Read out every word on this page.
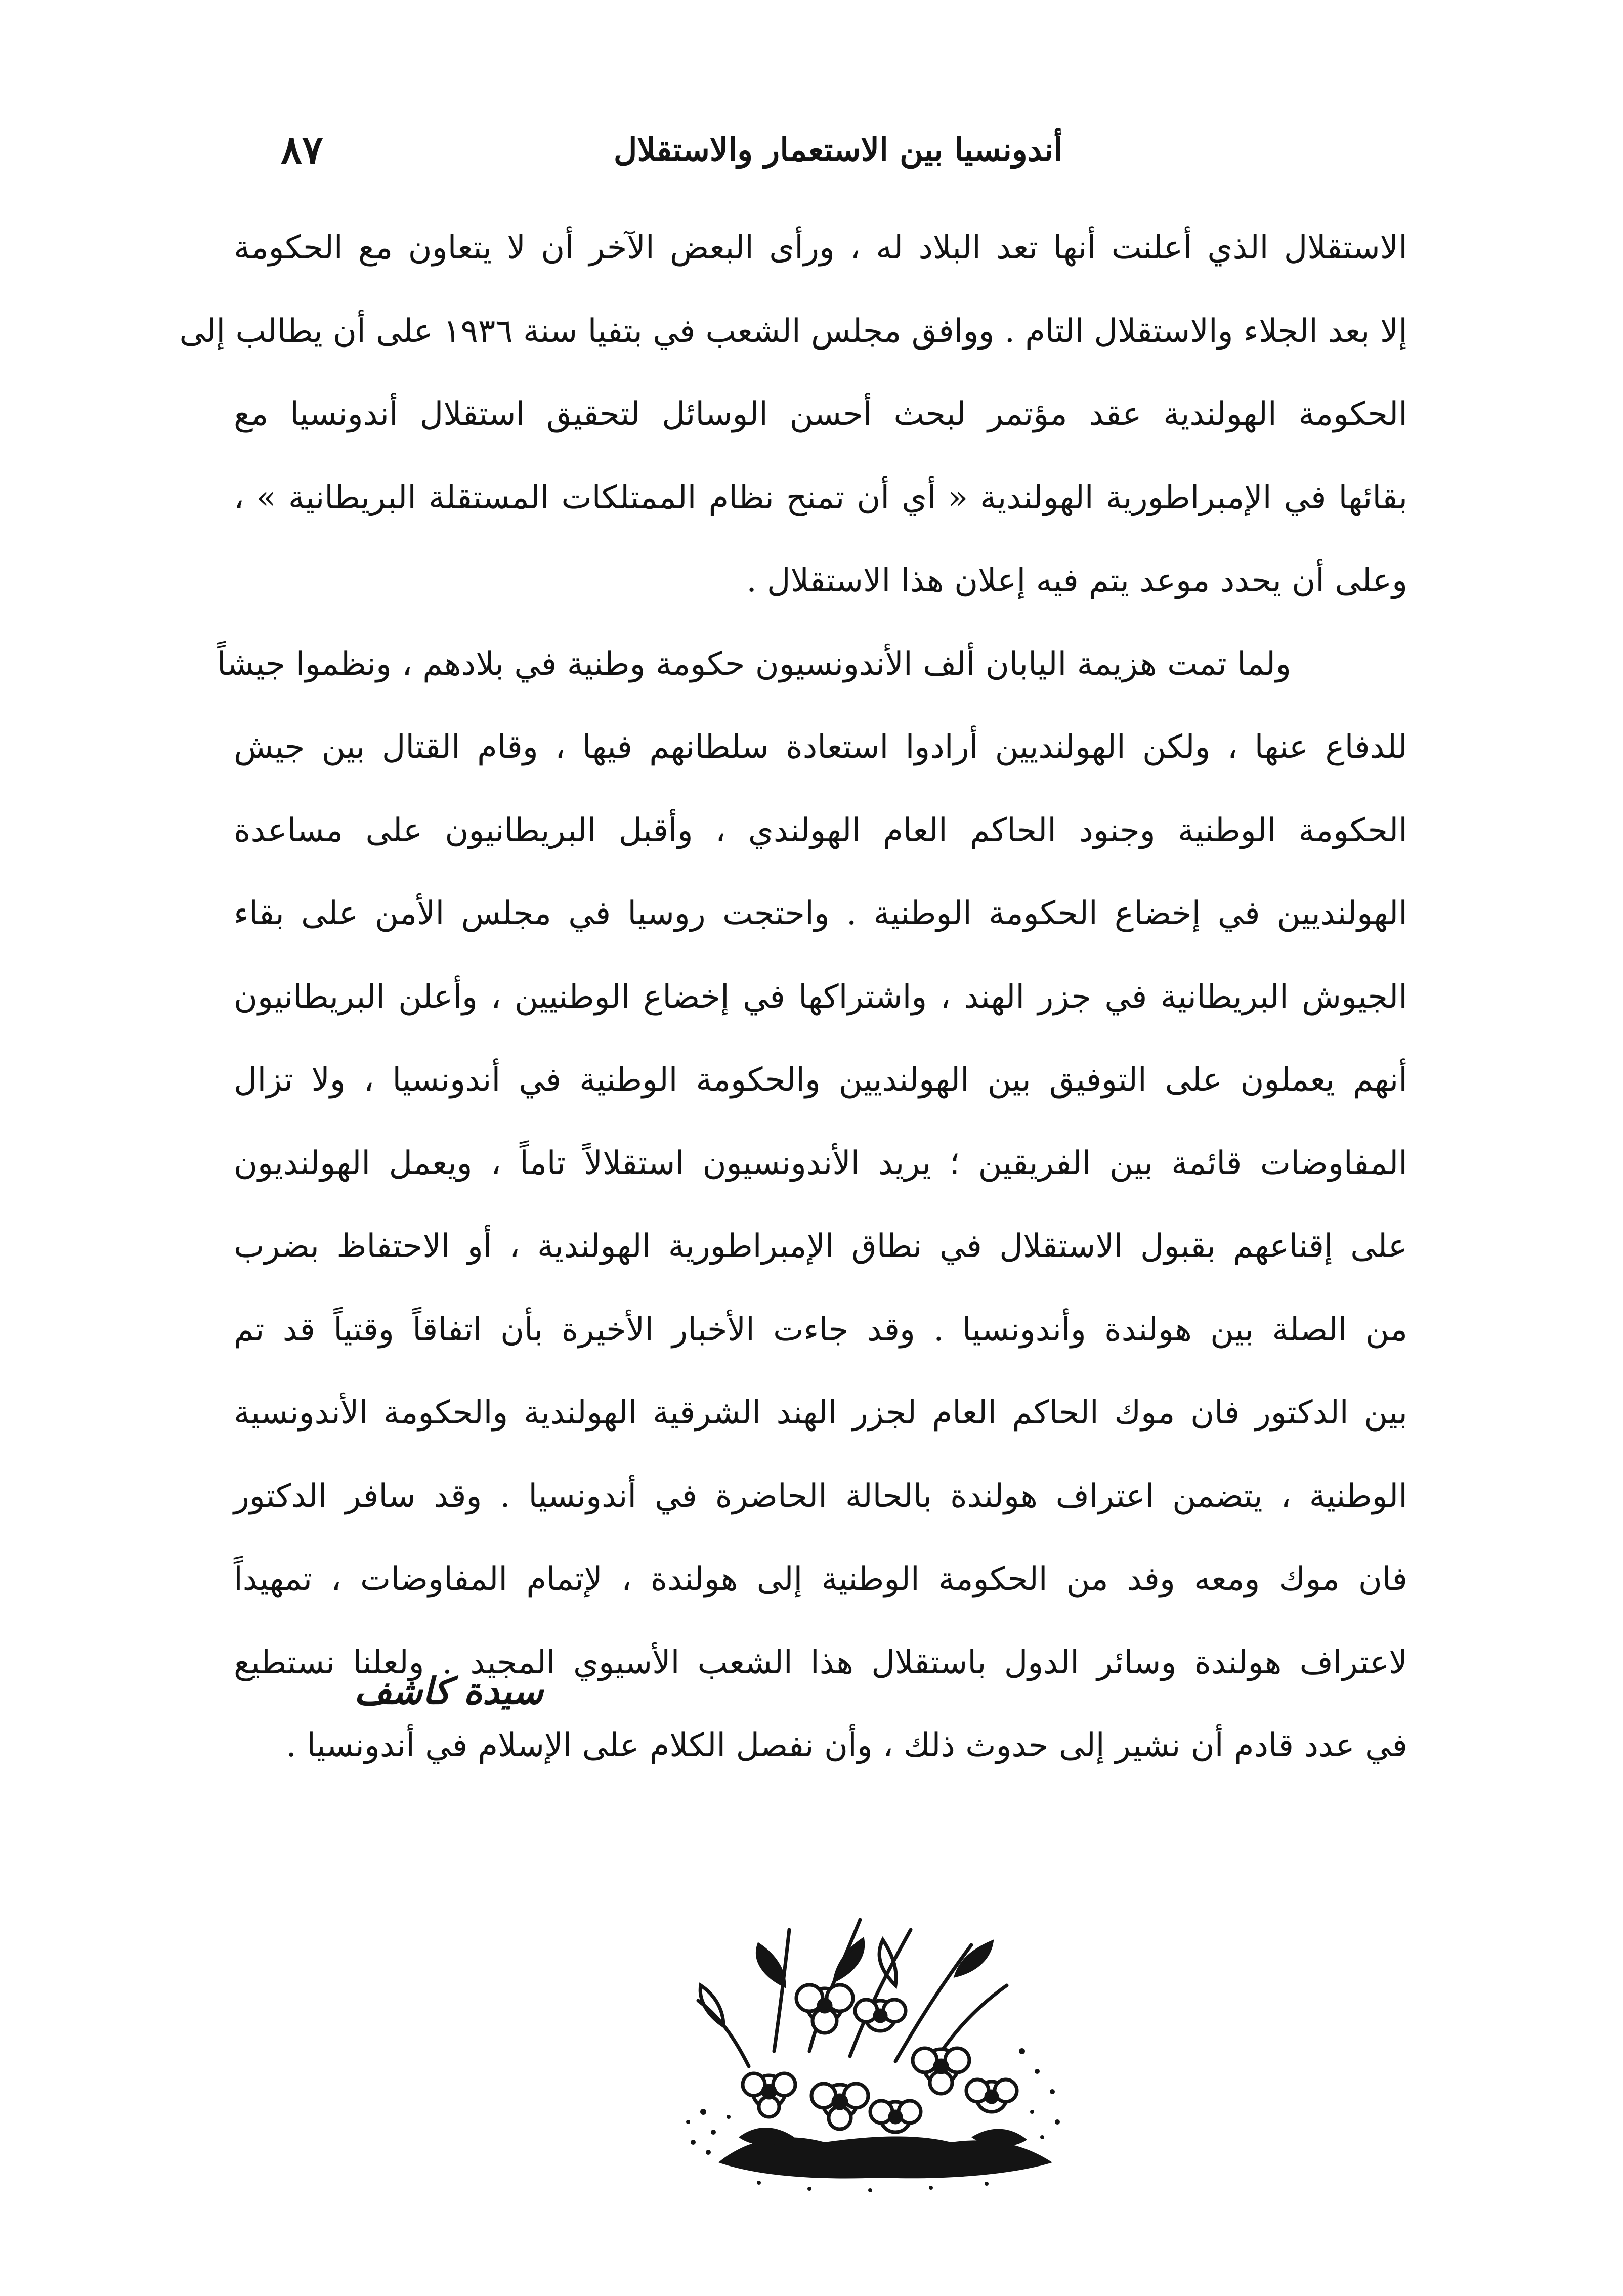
٨٧	أندونسيا بين الاستعمار والاستقلال
الاستقلال الذي أعلنت أنها تعد البلاد له ، ورأى البعض الآخر أن لا يتعاون مع الحكومة
إلا بعد الجلاء والاستقلال التام . ووافق مجلس الشعب في بتفيا سنة ١٩٣٦ على أن يطالب إلى
الحكومة الهولندية عقد مؤتمر لبحث أحسن الوسائل لتحقيق استقلال أندونسيا مع
بقائها في الإمبراطورية الهولندية « أي أن تمنح نظام الممتلكات المستقلة البريطانية » ،
وعلى أن يحدد موعد يتم فيه إعلان هذا الاستقلال .
ولما تمت هزيمة اليابان ألف الأندونسيون حكومة وطنية في بلادهم ، ونظموا جيشاً
للدفاع عنها ، ولكن الهولنديين أرادوا استعادة سلطانهم فيها ، وقام القتال بين جيش
الحكومة الوطنية وجنود الحاكم العام الهولندي ، وأقبل البريطانيون على مساعدة
الهولنديين في إخضاع الحكومة الوطنية . واحتجت روسيا في مجلس الأمن على بقاء
الجيوش البريطانية في جزر الهند ، واشتراكها في إخضاع الوطنيين ، وأعلن البريطانيون
أنهم يعملون على التوفيق بين الهولنديين والحكومة الوطنية في أندونسيا ، ولا تزال
المفاوضات قائمة بين الفريقين ؛ يريد الأندونسيون استقلالاً تاماً ، ويعمل الهولنديون
على إقناعهم بقبول الاستقلال في نطاق الإمبراطورية الهولندية ، أو الاحتفاظ بضرب
من الصلة بين هولندة وأندونسيا . وقد جاءت الأخبار الأخيرة بأن اتفاقاً وقتياً قد تم
بين الدكتور فان موك الحاكم العام لجزر الهند الشرقية الهولندية والحكومة الأندونسية
الوطنية ، يتضمن اعتراف هولندة بالحالة الحاضرة في أندونسيا . وقد سافر الدكتور
فان موك ومعه وفد من الحكومة الوطنية إلى هولندة ، لإتمام المفاوضات ، تمهيداً
لاعتراف هولندة وسائر الدول باستقلال هذا الشعب الأسيوي المجيد . ولعلنا نستطيع
في عدد قادم أن نشير إلى حدوث ذلك ، وأن نفصل الكلام على الإسلام في أندونسيا .
سيدة كاشف
